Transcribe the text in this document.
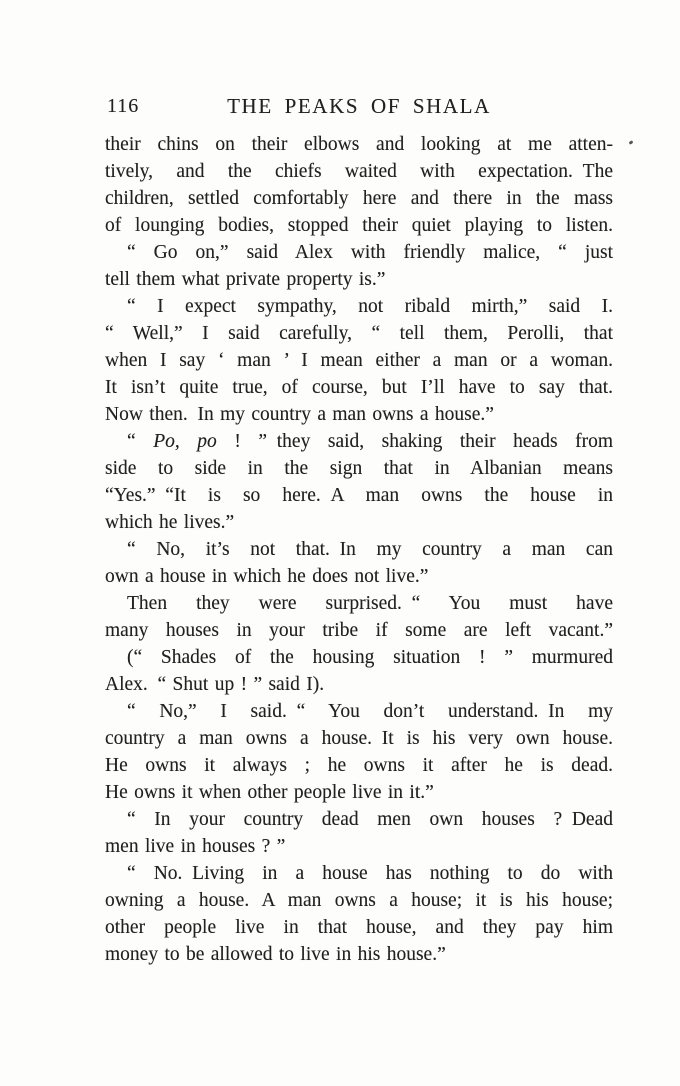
116	THE PEAKS OF SHALA
their chins on their elbows and looking at me atten-
tively, and the chiefs waited with expectation. The
children, settled comfortably here and there in the mass
of lounging bodies, stopped their quiet playing to listen.
“ Go on,” said Alex with friendly malice, “ just
tell them what private property is.”
“ I expect sympathy, not ribald mirth,” said I.
“ Well,” I said carefully, “ tell them, Perolli, that
when I say ‘ man ’ I mean either a man or a woman.
It isn’t quite true, of course, but I’ll have to say that.
Now then. In my country a man owns a house.”
“ Po, po ! ” they said, shaking their heads from
side to side in the sign that in Albanian means
“Yes.” “It is so here. A man owns the house in
which he lives.”
“ No, it’s not that. In my country a man can
own a house in which he does not live.”
Then they were surprised. “ You must have
many houses in your tribe if some are left vacant.”
(“ Shades of the housing situation ! ” murmured
Alex. “ Shut up ! ” said I).
“ No,” I said. “ You don’t understand. In my
country a man owns a house. It is his very own house.
He owns it always ; he owns it after he is dead.
He owns it when other people live in it.”
“ In your country dead men own houses ? Dead
men live in houses ? ”
“ No. Living in a house has nothing to do with
owning a house. A man owns a house; it is his house;
other people live in that house, and they pay him
money to be allowed to live in his house.”
